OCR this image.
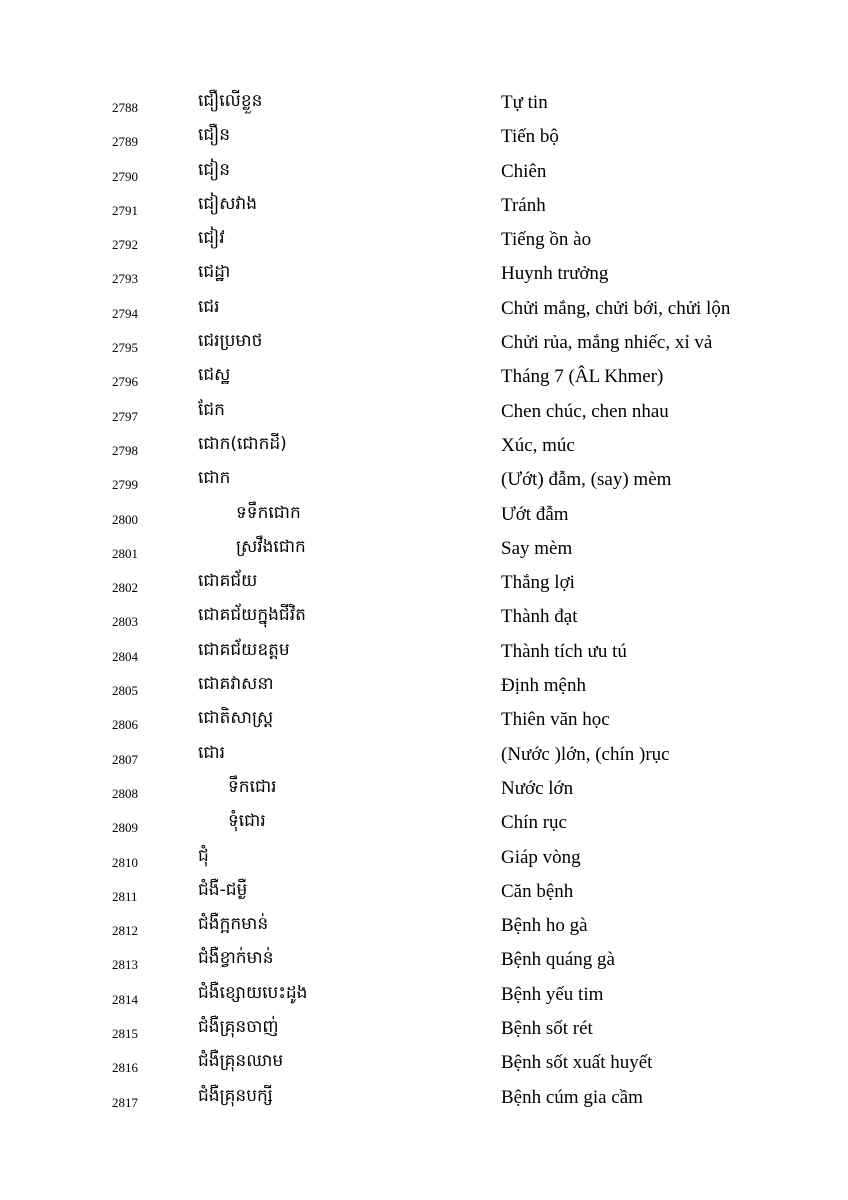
2788	ជឿលើខ្លួន	Tự tin
2789	ជឿន	Tiến bộ
2790	ជៀន	Chiên
2791	ជៀសវាង	Tránh
2792	ជៀវ	Tiếng ồn ào
2793	ជេដ្ឋា	Huynh trưởng
2794	ជេរ	Chửi mắng, chửi bới, chửi lộn
2795	ជេរប្រមាថ	Chửi rủa, mắng nhiếc, xỉ vả
2796	ជេស្ឋ	Tháng 7 (ÂL Khmer)
2797	ជែក	Chen chúc, chen nhau
2798	ជោក(ជោកដី)	Xúc, múc
2799	ជោក	(Ướt) đẫm, (say) mèm
2800	ទទឹកជោក	Ướt đẫm
2801	ស្រវឹងជោក	Say mèm
2802	ជោគជ័យ	Thắng lợi
2803	ជោគជ័យក្នុងជីវិត	Thành đạt
2804	ជោគជ័យឧត្តម	Thành tích ưu tú
2805	ជោគវាសនា	Định mệnh
2806	ជោតិសាស្ត្រ	Thiên văn học
2807	ជោរ	(Nước )lớn, (chín )rục
2808	ទឹកជោរ	Nước lớn
2809	ទុំជោរ	Chín rục
2810	ជុំ	Giáp vòng
2811	ជំងឺ-ជម្ងឺ	Căn bệnh
2812	ជំងឺក្អកមាន់	Bệnh ho gà
2813	ជំងឺខ្វាក់មាន់	Bệnh quáng gà
2814	ជំងឺខ្សោយបេះដូង	Bệnh yếu tim
2815	ជំងឺគ្រុនចាញ់	Bệnh sốt rét
2816	ជំងឺគ្រុនឈាម	Bệnh sốt xuất huyết
2817	ជំងឺគ្រុនបក្សី	Bệnh cúm gia cầm
